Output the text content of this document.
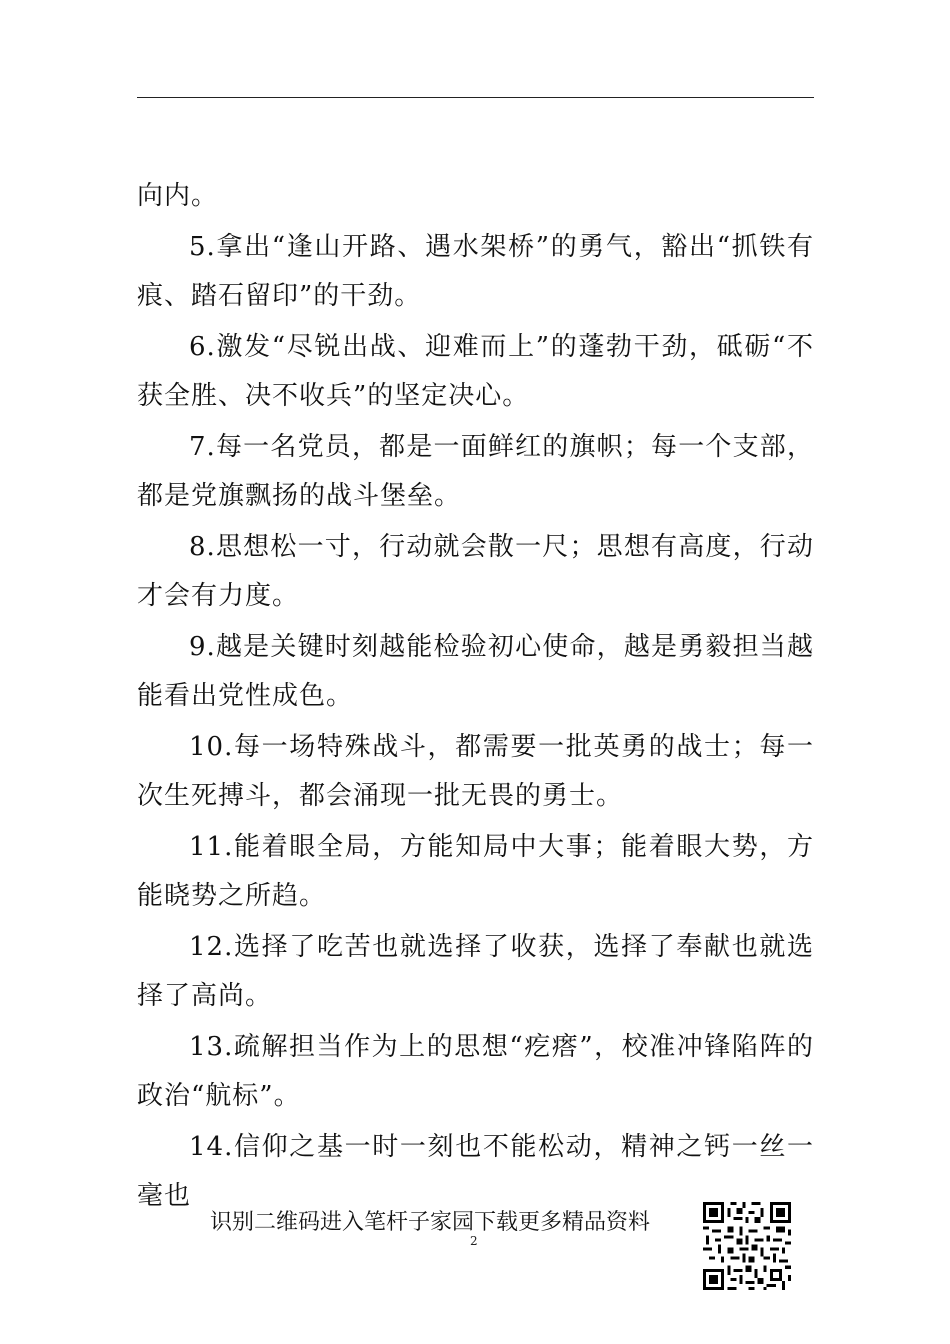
向内。

5.拿出“逢山开路、遇水架桥”的勇气，豁出“抓铁有痕、踏石留印”的干劲。

6.激发“尽锐出战、迎难而上”的蓬勃干劲，砥砺“不获全胜、决不收兵”的坚定决心。

7.每一名党员，都是一面鲜红的旗帜；每一个支部，都是党旗飘扬的战斗堡垒。

8.思想松一寸，行动就会散一尺；思想有高度，行动才会有力度。

9.越是关键时刻越能检验初心使命，越是勇毅担当越能看出党性成色。

10.每一场特殊战斗，都需要一批英勇的战士；每一次生死搏斗，都会涌现一批无畏的勇士。

11.能着眼全局，方能知局中大事；能着眼大势，方能晓势之所趋。

12.选择了吃苦也就选择了收获，选择了奉献也就选择了高尚。

13.疏解担当作为上的思想“疙瘩”，校准冲锋陷阵的政治“航标”。

14.信仰之基一时一刻也不能松动，精神之钙一丝一毫也

识别二维码进入笔杆子家园下载更多精品资料
2
